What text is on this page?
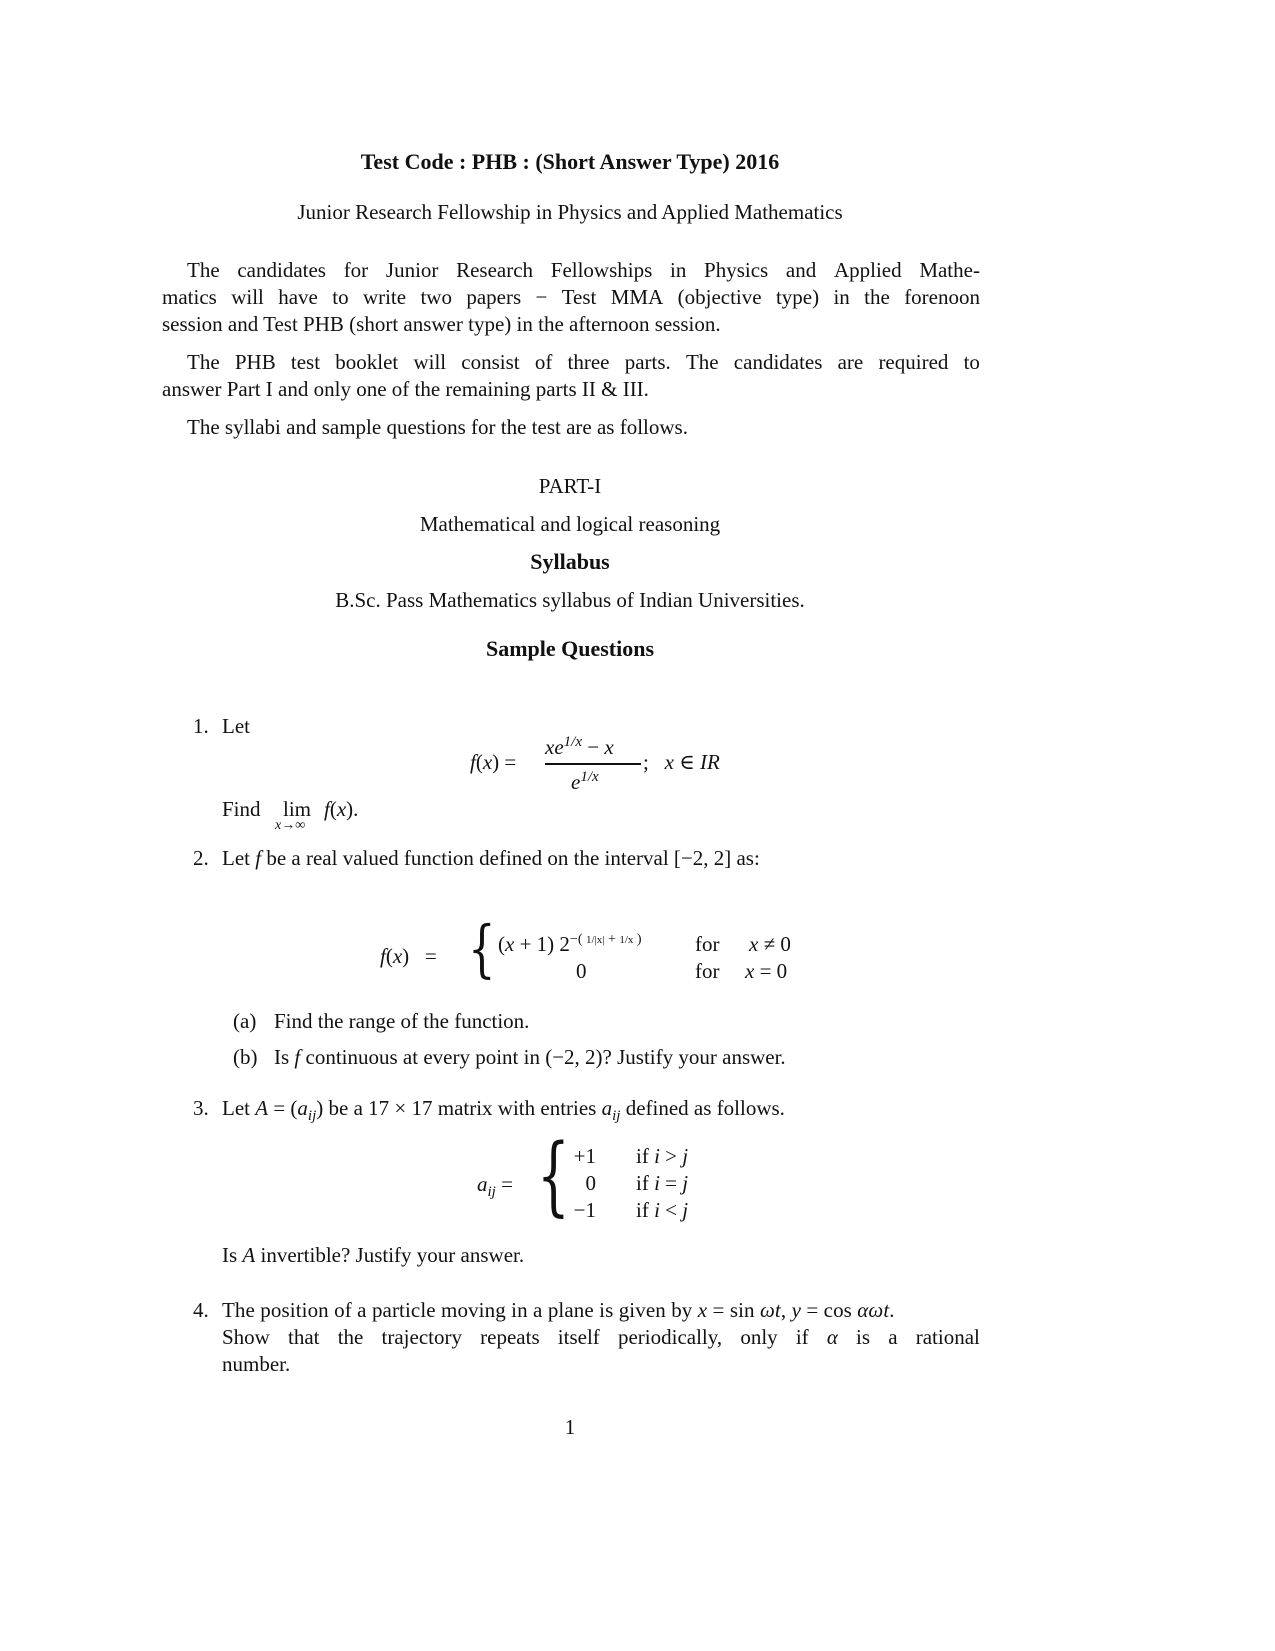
Test Code : PHB : (Short Answer Type) 2016
Junior Research Fellowship in Physics and Applied Mathematics
The candidates for Junior Research Fellowships in Physics and Applied Mathe-
matics will have to write two papers − Test MMA (objective type) in the forenoon
session and Test PHB (short answer type) in the afternoon session.
The PHB test booklet will consist of three parts. The candidates are required to
answer Part I and only one of the remaining parts II & III.
The syllabi and sample questions for the test are as follows.
PART-I
Mathematical and logical reasoning
Syllabus
B.Sc. Pass Mathematics syllabus of Indian Universities.
Sample Questions
1. Let
f(x) =
$xe^{1/x} - x$
$e^{1/x}$
;   x ∈ IR
Find lim
x→∞
f(x).
2. Let f be a real valued function defined on the interval [−2, 2] as:
f(x)   = { (x + 1) $2^{-( 1/|x| + 1/x )}$	for x ≠ 0
0	for x = 0
(a) Find the range of the function.
(b) Is f continuous at every point in (−2, 2)? Justify your answer.
3. Let $A = (a_{ij})$ be a 17 × 17 matrix with entries $a_{ij}$ defined as follows.
$a_{ij}$ = { +1 if i > j
0 if i = j
−1 if i < j
Is A invertible? Justify your answer.
4. The position of a particle moving in a plane is given by x = sin ωt, y = cos αωt.
Show that the trajectory repeats itself periodically, only if α is a rational
number.
1
